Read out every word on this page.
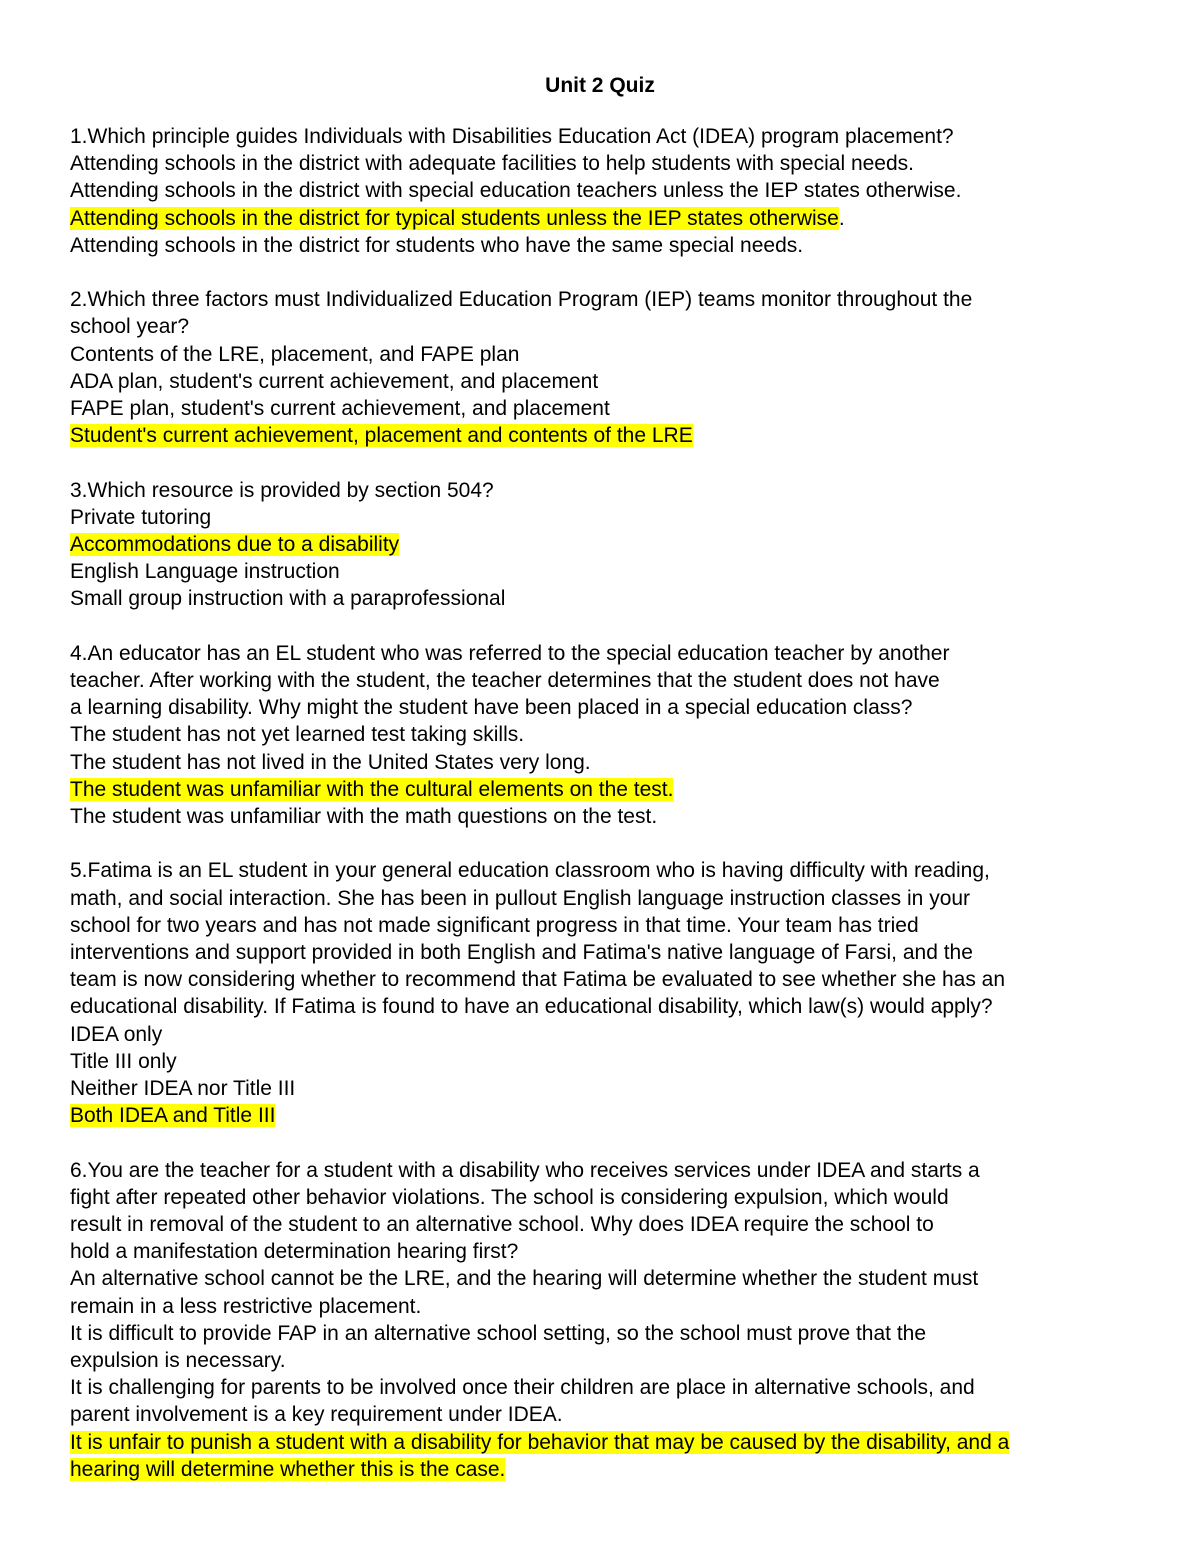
Unit 2 Quiz
1.Which principle guides Individuals with Disabilities Education Act (IDEA) program placement?
Attending schools in the district with adequate facilities to help students with special needs.
Attending schools in the district with special education teachers unless the IEP states otherwise.
Attending schools in the district for typical students unless the IEP states otherwise.
Attending schools in the district for students who have the same special needs.
2.Which three factors must Individualized Education Program (IEP) teams monitor throughout the
school year?
Contents of the LRE, placement, and FAPE plan
ADA plan, student's current achievement, and placement
FAPE plan, student's current achievement, and placement
Student's current achievement, placement and contents of the LRE
3.Which resource is provided by section 504?
Private tutoring
Accommodations due to a disability
English Language instruction
Small group instruction with a paraprofessional
4.An educator has an EL student who was referred to the special education teacher by another
teacher. After working with the student, the teacher determines that the student does not have
a learning disability. Why might the student have been placed in a special education class?
The student has not yet learned test taking skills.
The student has not lived in the United States very long.
The student was unfamiliar with the cultural elements on the test.
The student was unfamiliar with the math questions on the test.
5.Fatima is an EL student in your general education classroom who is having difficulty with reading,
math, and social interaction. She has been in pullout English language instruction classes in your
school for two years and has not made significant progress in that time. Your team has tried
interventions and support provided in both English and Fatima's native language of Farsi, and the
team is now considering whether to recommend that Fatima be evaluated to see whether she has an
educational disability. If Fatima is found to have an educational disability, which law(s) would apply?
IDEA only
Title III only
Neither IDEA nor Title III
Both IDEA and Title III
6.You are the teacher for a student with a disability who receives services under IDEA and starts a
fight after repeated other behavior violations. The school is considering expulsion, which would
result in removal of the student to an alternative school. Why does IDEA require the school to
hold a manifestation determination hearing first?
An alternative school cannot be the LRE, and the hearing will determine whether the student must
remain in a less restrictive placement.
It is difficult to provide FAP in an alternative school setting, so the school must prove that the
expulsion is necessary.
It is challenging for parents to be involved once their children are place in alternative schools, and
parent involvement is a key requirement under IDEA.
It is unfair to punish a student with a disability for behavior that may be caused by the disability, and a
hearing will determine whether this is the case.
